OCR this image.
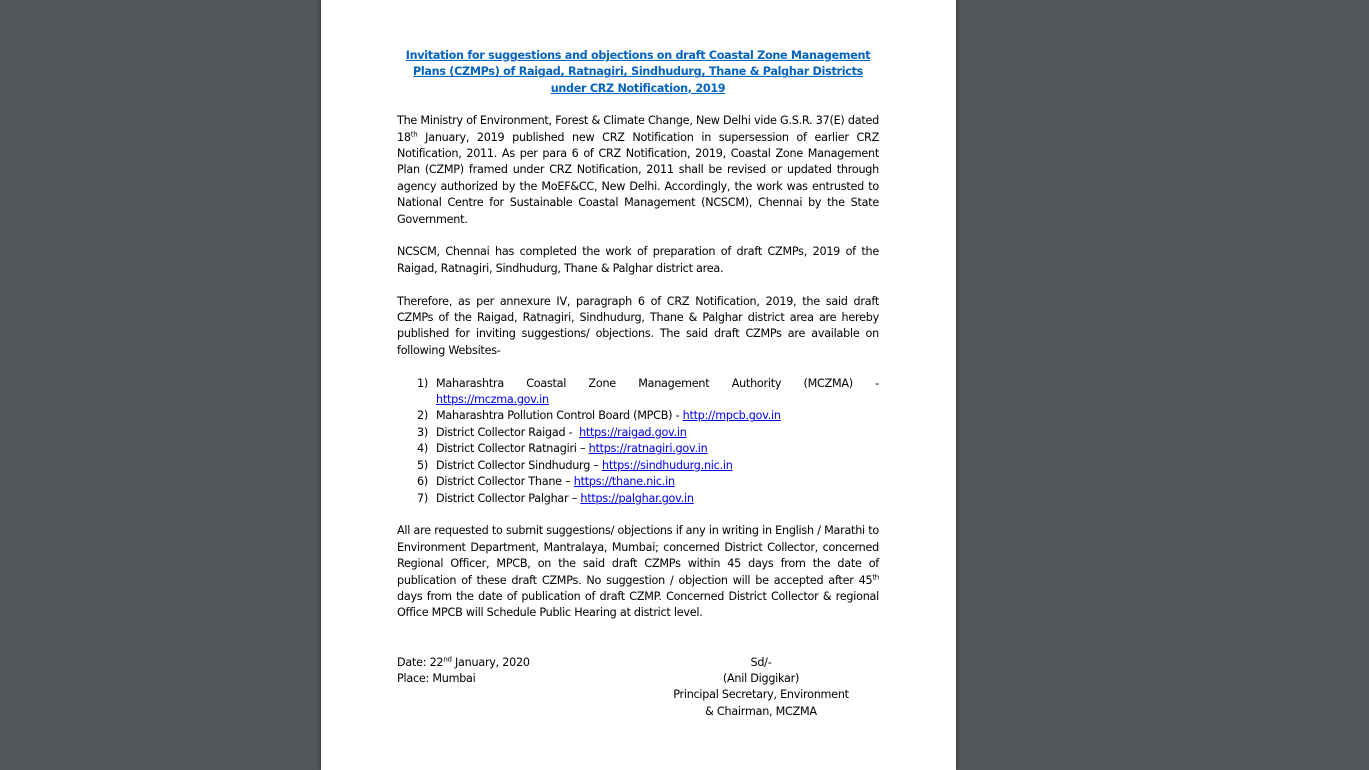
Invitation for suggestions and objections on draft Coastal Zone Management Plans (CZMPs) of Raigad, Ratnagiri, Sindhudurg, Thane & Palghar Districts under CRZ Notification, 2019

The Ministry of Environment, Forest & Climate Change, New Delhi vide G.S.R. 37(E) dated 18th January, 2019 published new CRZ Notification in supersession of earlier CRZ Notification, 2011. As per para 6 of CRZ Notification, 2019, Coastal Zone Management Plan (CZMP) framed under CRZ Notification, 2011 shall be revised or updated through agency authorized by the MoEF&CC, New Delhi. Accordingly, the work was entrusted to National Centre for Sustainable Coastal Management (NCSCM), Chennai by the State Government.

NCSCM, Chennai has completed the work of preparation of draft CZMPs, 2019 of the Raigad, Ratnagiri, Sindhudurg, Thane & Palghar district area.

Therefore, as per annexure IV, paragraph 6 of CRZ Notification, 2019, the said draft CZMPs of the Raigad, Ratnagiri, Sindhudurg, Thane & Palghar district area are hereby published for inviting suggestions/ objections. The said draft CZMPs are available on following Websites-

1) Maharashtra Coastal Zone Management Authority (MCZMA) - https://mczma.gov.in
2) Maharashtra Pollution Control Board (MPCB) - http://mpcb.gov.in
3) District Collector Raigad - https://raigad.gov.in
4) District Collector Ratnagiri – https://ratnagiri.gov.in
5) District Collector Sindhudurg – https://sindhudurg.nic.in
6) District Collector Thane – https://thane.nic.in
7) District Collector Palghar – https://palghar.gov.in

All are requested to submit suggestions/ objections if any in writing in English / Marathi to Environment Department, Mantralaya, Mumbai; concerned District Collector, concerned Regional Officer, MPCB, on the said draft CZMPs within 45 days from the date of publication of these draft CZMPs. No suggestion / objection will be accepted after 45th days from the date of publication of draft CZMP. Concerned District Collector & regional Office MPCB will Schedule Public Hearing at district level.

Date: 22nd January, 2020
Place: Mumbai
Sd/-
(Anil Diggikar)
Principal Secretary, Environment
& Chairman, MCZMA
